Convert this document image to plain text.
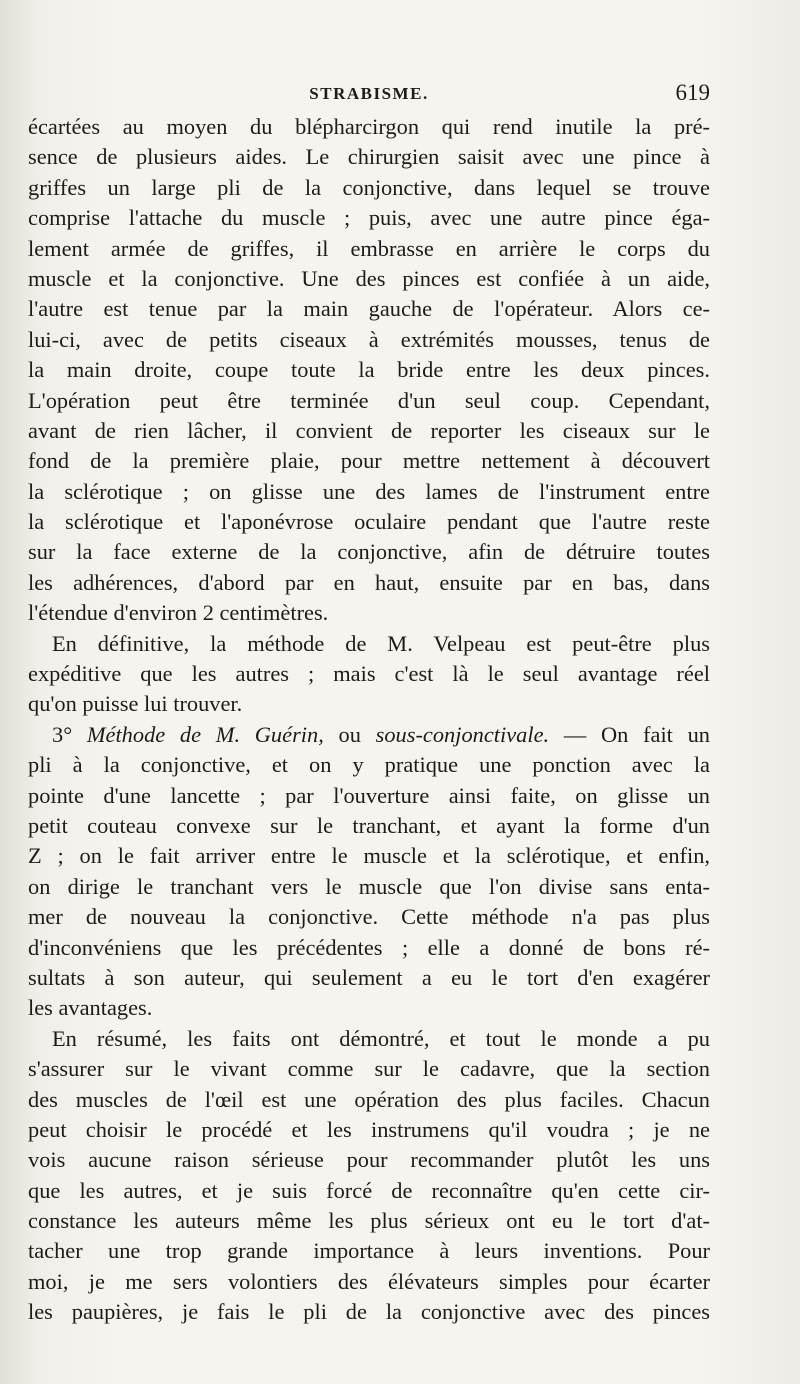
STRABISME.	619
écartées au moyen du blépharcirgon qui rend inutile la pré-
sence de plusieurs aides. Le chirurgien saisit avec une pince à
griffes un large pli de la conjonctive, dans lequel se trouve
comprise l'attache du muscle ; puis, avec une autre pince éga-
lement armée de griffes, il embrasse en arrière le corps du
muscle et la conjonctive. Une des pinces est confiée à un aide,
l'autre est tenue par la main gauche de l'opérateur. Alors ce-
lui-ci, avec de petits ciseaux à extrémités mousses, tenus de
la main droite, coupe toute la bride entre les deux pinces.
L'opération peut être terminée d'un seul coup. Cependant,
avant de rien lâcher, il convient de reporter les ciseaux sur le
fond de la première plaie, pour mettre nettement à découvert
la sclérotique ; on glisse une des lames de l'instrument entre
la sclérotique et l'aponévrose oculaire pendant que l'autre reste
sur la face externe de la conjonctive, afin de détruire toutes
les adhérences, d'abord par en haut, ensuite par en bas, dans
l'étendue d'environ 2 centimètres.
En définitive, la méthode de M. Velpeau est peut-être plus
expéditive que les autres ; mais c'est là le seul avantage réel
qu'on puisse lui trouver.
3° Méthode de M. Guérin, ou sous-conjonctivale. — On fait un
pli à la conjonctive, et on y pratique une ponction avec la
pointe d'une lancette ; par l'ouverture ainsi faite, on glisse un
petit couteau convexe sur le tranchant, et ayant la forme d'un
Z ; on le fait arriver entre le muscle et la sclérotique, et enfin,
on dirige le tranchant vers le muscle que l'on divise sans enta-
mer de nouveau la conjonctive. Cette méthode n'a pas plus
d'inconvéniens que les précédentes ; elle a donné de bons ré-
sultats à son auteur, qui seulement a eu le tort d'en exagérer
les avantages.
En résumé, les faits ont démontré, et tout le monde a pu
s'assurer sur le vivant comme sur le cadavre, que la section
des muscles de l'œil est une opération des plus faciles. Chacun
peut choisir le procédé et les instrumens qu'il voudra ; je ne
vois aucune raison sérieuse pour recommander plutôt les uns
que les autres, et je suis forcé de reconnaître qu'en cette cir-
constance les auteurs même les plus sérieux ont eu le tort d'at-
tacher une trop grande importance à leurs inventions. Pour
moi, je me sers volontiers des élévateurs simples pour écarter
les paupières, je fais le pli de la conjonctive avec des pinces
